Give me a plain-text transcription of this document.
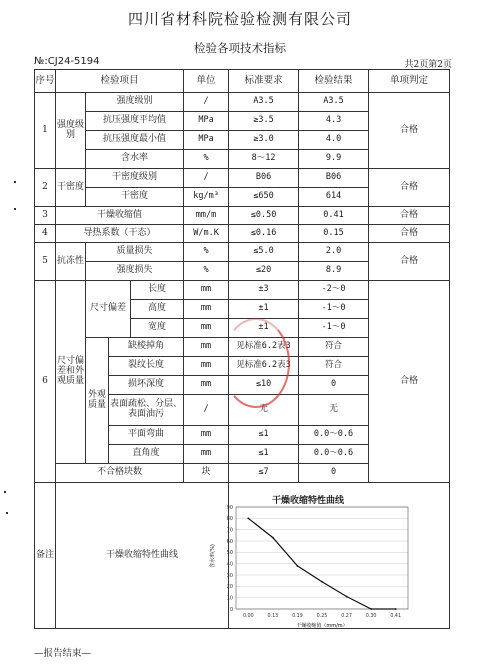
四川省材科院检验检测有限公司
检验各项技术指标
№:CJ24-5194	共2页第2页
序号	检验项目				单位	标准要求	检验结果	单项判定
1	强度级别	强度级别			/	A3.5	A3.5	合格
		抗压强度平均值			MPa	≥3.5	4.3	
		抗压强度最小值			MPa	≥3.0	4.0	
		含水率			%	8～12	9.9	
2	干密度	干密度级别			/	B06	B06	合格
		干密度			kg/m³	≤650	614	
3	干燥收缩值				mm/m	≤0.50	0.41	合格
4	导热系数（干态）				W/m.K	≤0.16	0.15	合格
5	抗冻性	质量损失			%	≤5.0	2.0	合格
		强度损失			%	≤20	8.9	
6	尺寸偏差和外观质量	尺寸偏差		长度	mm	±3	-2～0	合格
				高度	mm	±1	-1～0	
				宽度	mm	±1	-1～0	
		外观质量	缺棱掉角		mm	见标准6.2表3	符合	
			裂纹长度		mm	见标准6.2表3	符合	
			损坏深度		mm	≤10	0	
			表面疏松、分层、表面油污		/	无	无	
			平面弯曲		mm	≤1	0.0～0.6	
			直角度		mm	≤1	0.0～0.6	
	不合格块数				块	≤7	0	
备注	干燥收缩特性曲线							
干燥收缩特性曲线
0
10
20
30
40
50
60
70
80
90
0.00	0.13	0.19	0.25	0.27	0.30	0.41
含水率(%)
干燥收缩值（mm/m）
—报告结束—
